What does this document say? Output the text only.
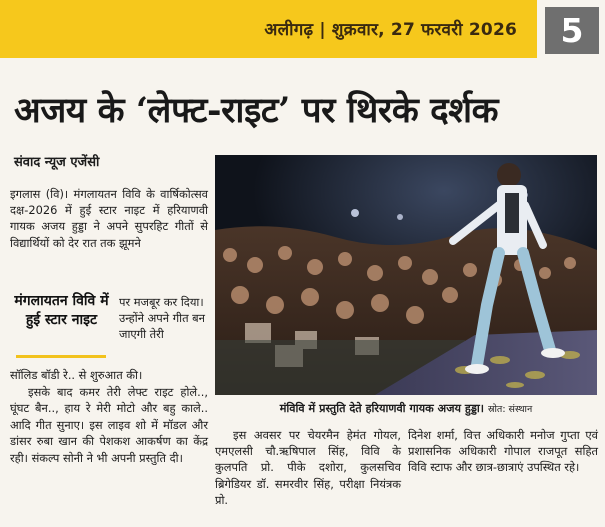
अलीगढ़ | शुक्रवार, 27 फरवरी 2026	5
अजय के ‘लेफ्ट-राइट’ पर थिरके दर्शक
संवाद न्यूज एजेंसी

इगलास (वि)। मंगलायतन विवि के वार्षिकोत्सव दक्ष-2026 में हुई स्टार नाइट में हरियाणवी गायक अजय हुड्डा ने अपने सुपरहिट गीतों से विद्यार्थियों को देर रात तक झूमने

मंगलायतन विवि में हुई स्टार नाइट

पर मजबूर कर दिया। उन्होंने अपने गीत बन जाएगी तेरी

सॉलिड बॉडी रे.. से शुरुआत की।

इसके बाद कमर तेरी लेफ्ट राइट होले.., घूंघट बैन.., हाय रे मेरी मोटो और बहु काले.. आदि गीत सुनाए। इस लाइव शो में मॉडल और डांसर रुबा खान की पेशकश आकर्षण का केंद्र रही। संकल्प सोनी ने भी अपनी प्रस्तुति दी।

मंविवि में प्रस्तुति देते हरियाणवी गायक अजय हुड्डा। स्रोत: संस्थान

इस अवसर पर चेयरमैन हेमंत गोयल, एमएलसी चौ.ऋषिपाल सिंह, विवि के कुलपति प्रो. पीके दशोरा, कुलसचिव ब्रिगेडियर डॉ. समरवीर सिंह, परीक्षा नियंत्रक प्रो.

दिनेश शर्मा, वित्त अधिकारी मनोज गुप्ता एवं प्रशासनिक अधिकारी गोपाल राजपूत सहित विवि स्टाफ और छात्र-छात्राएं उपस्थित रहे।
